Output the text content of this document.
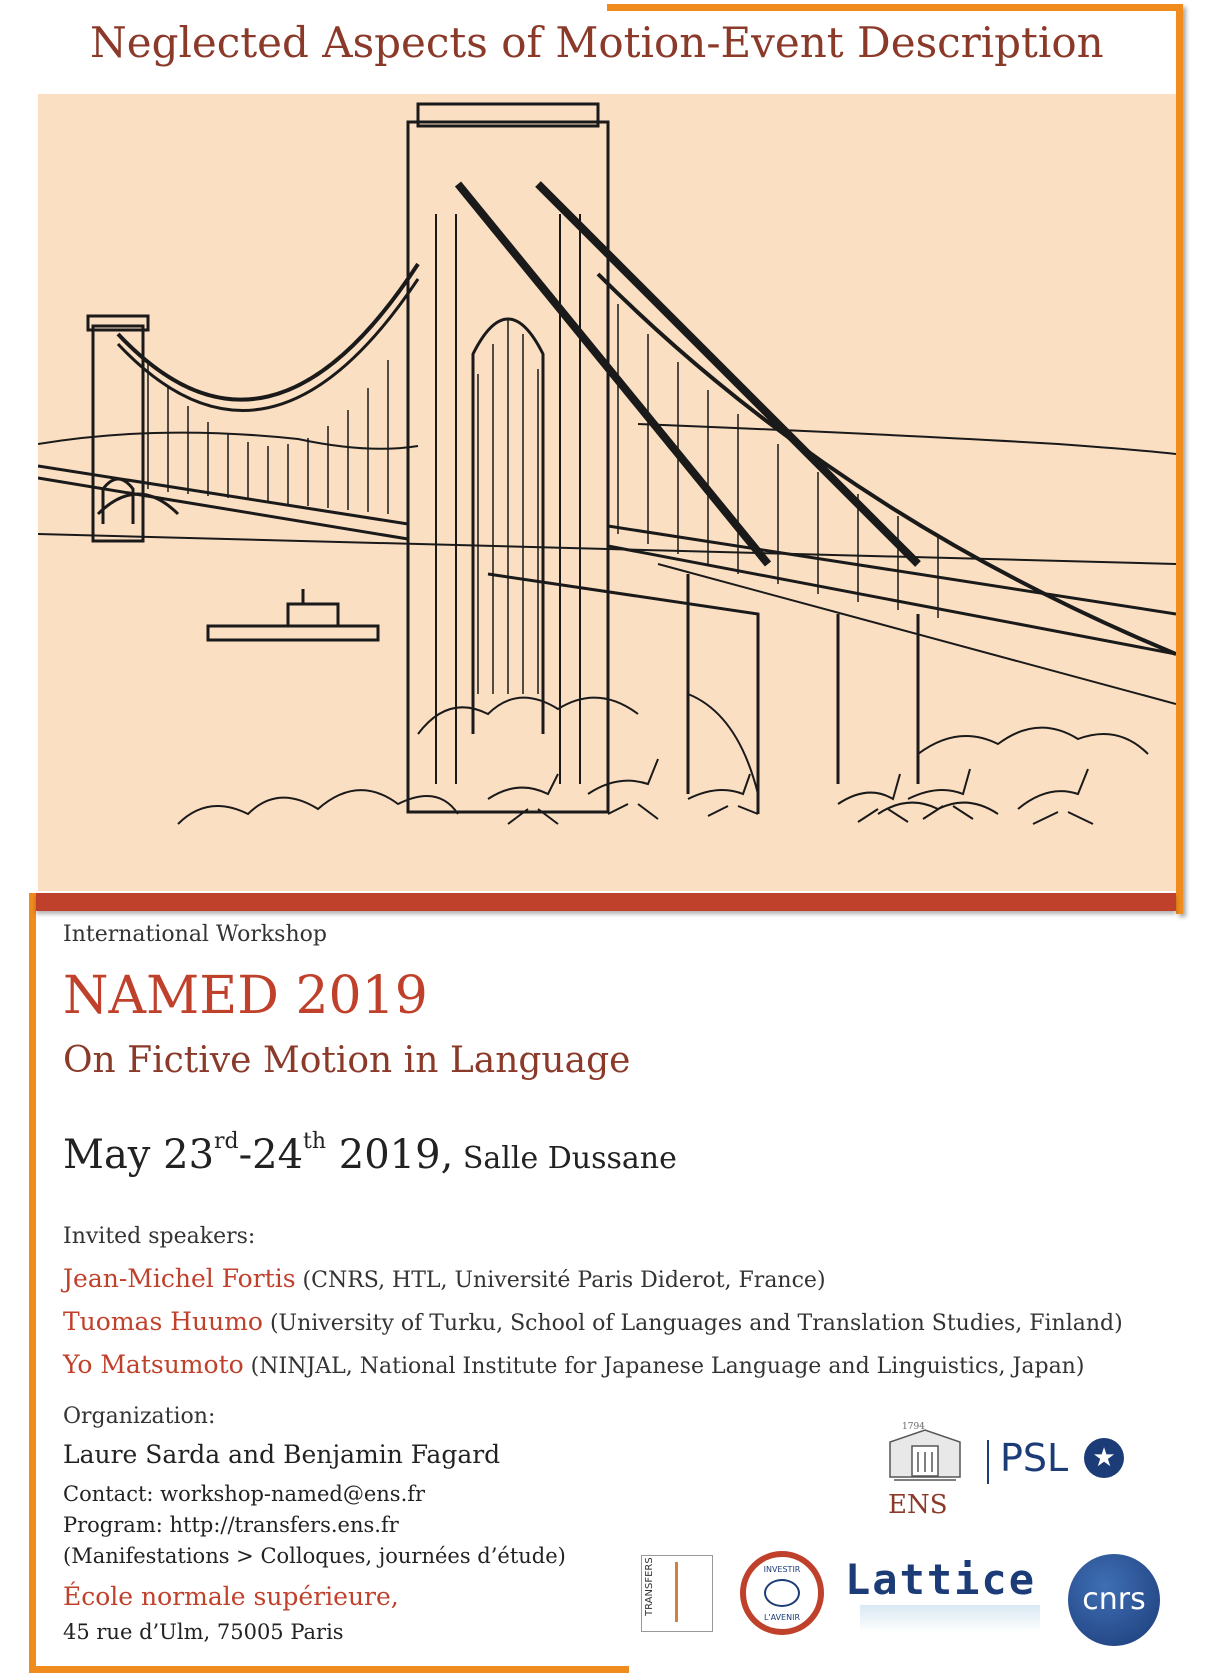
Neglected Aspects of Motion-Event Description
International Workshop
NAMED 2019
On Fictive Motion in Language
May 23rd-24th 2019, Salle Dussane
Invited speakers:
Jean-Michel Fortis (CNRS, HTL, Université Paris Diderot, France)
Tuomas Huumo (University of Turku, School of Languages and Translation Studies, Finland)
Yo Matsumoto (NINJAL, National Institute for Japanese Language and Linguistics, Japan)
Organization:
Laure Sarda and Benjamin Fagard
Contact: workshop-named@ens.fr
Program: http://transfers.ens.fr
(Manifestations > Colloques, journées d’étude)
École normale supérieure,
45 rue d’Ulm, 75005 Paris
1794
ENS
PSL ★
TRANSFERS	INVESTIR
L'AVENIR
Lattice	cnrs
